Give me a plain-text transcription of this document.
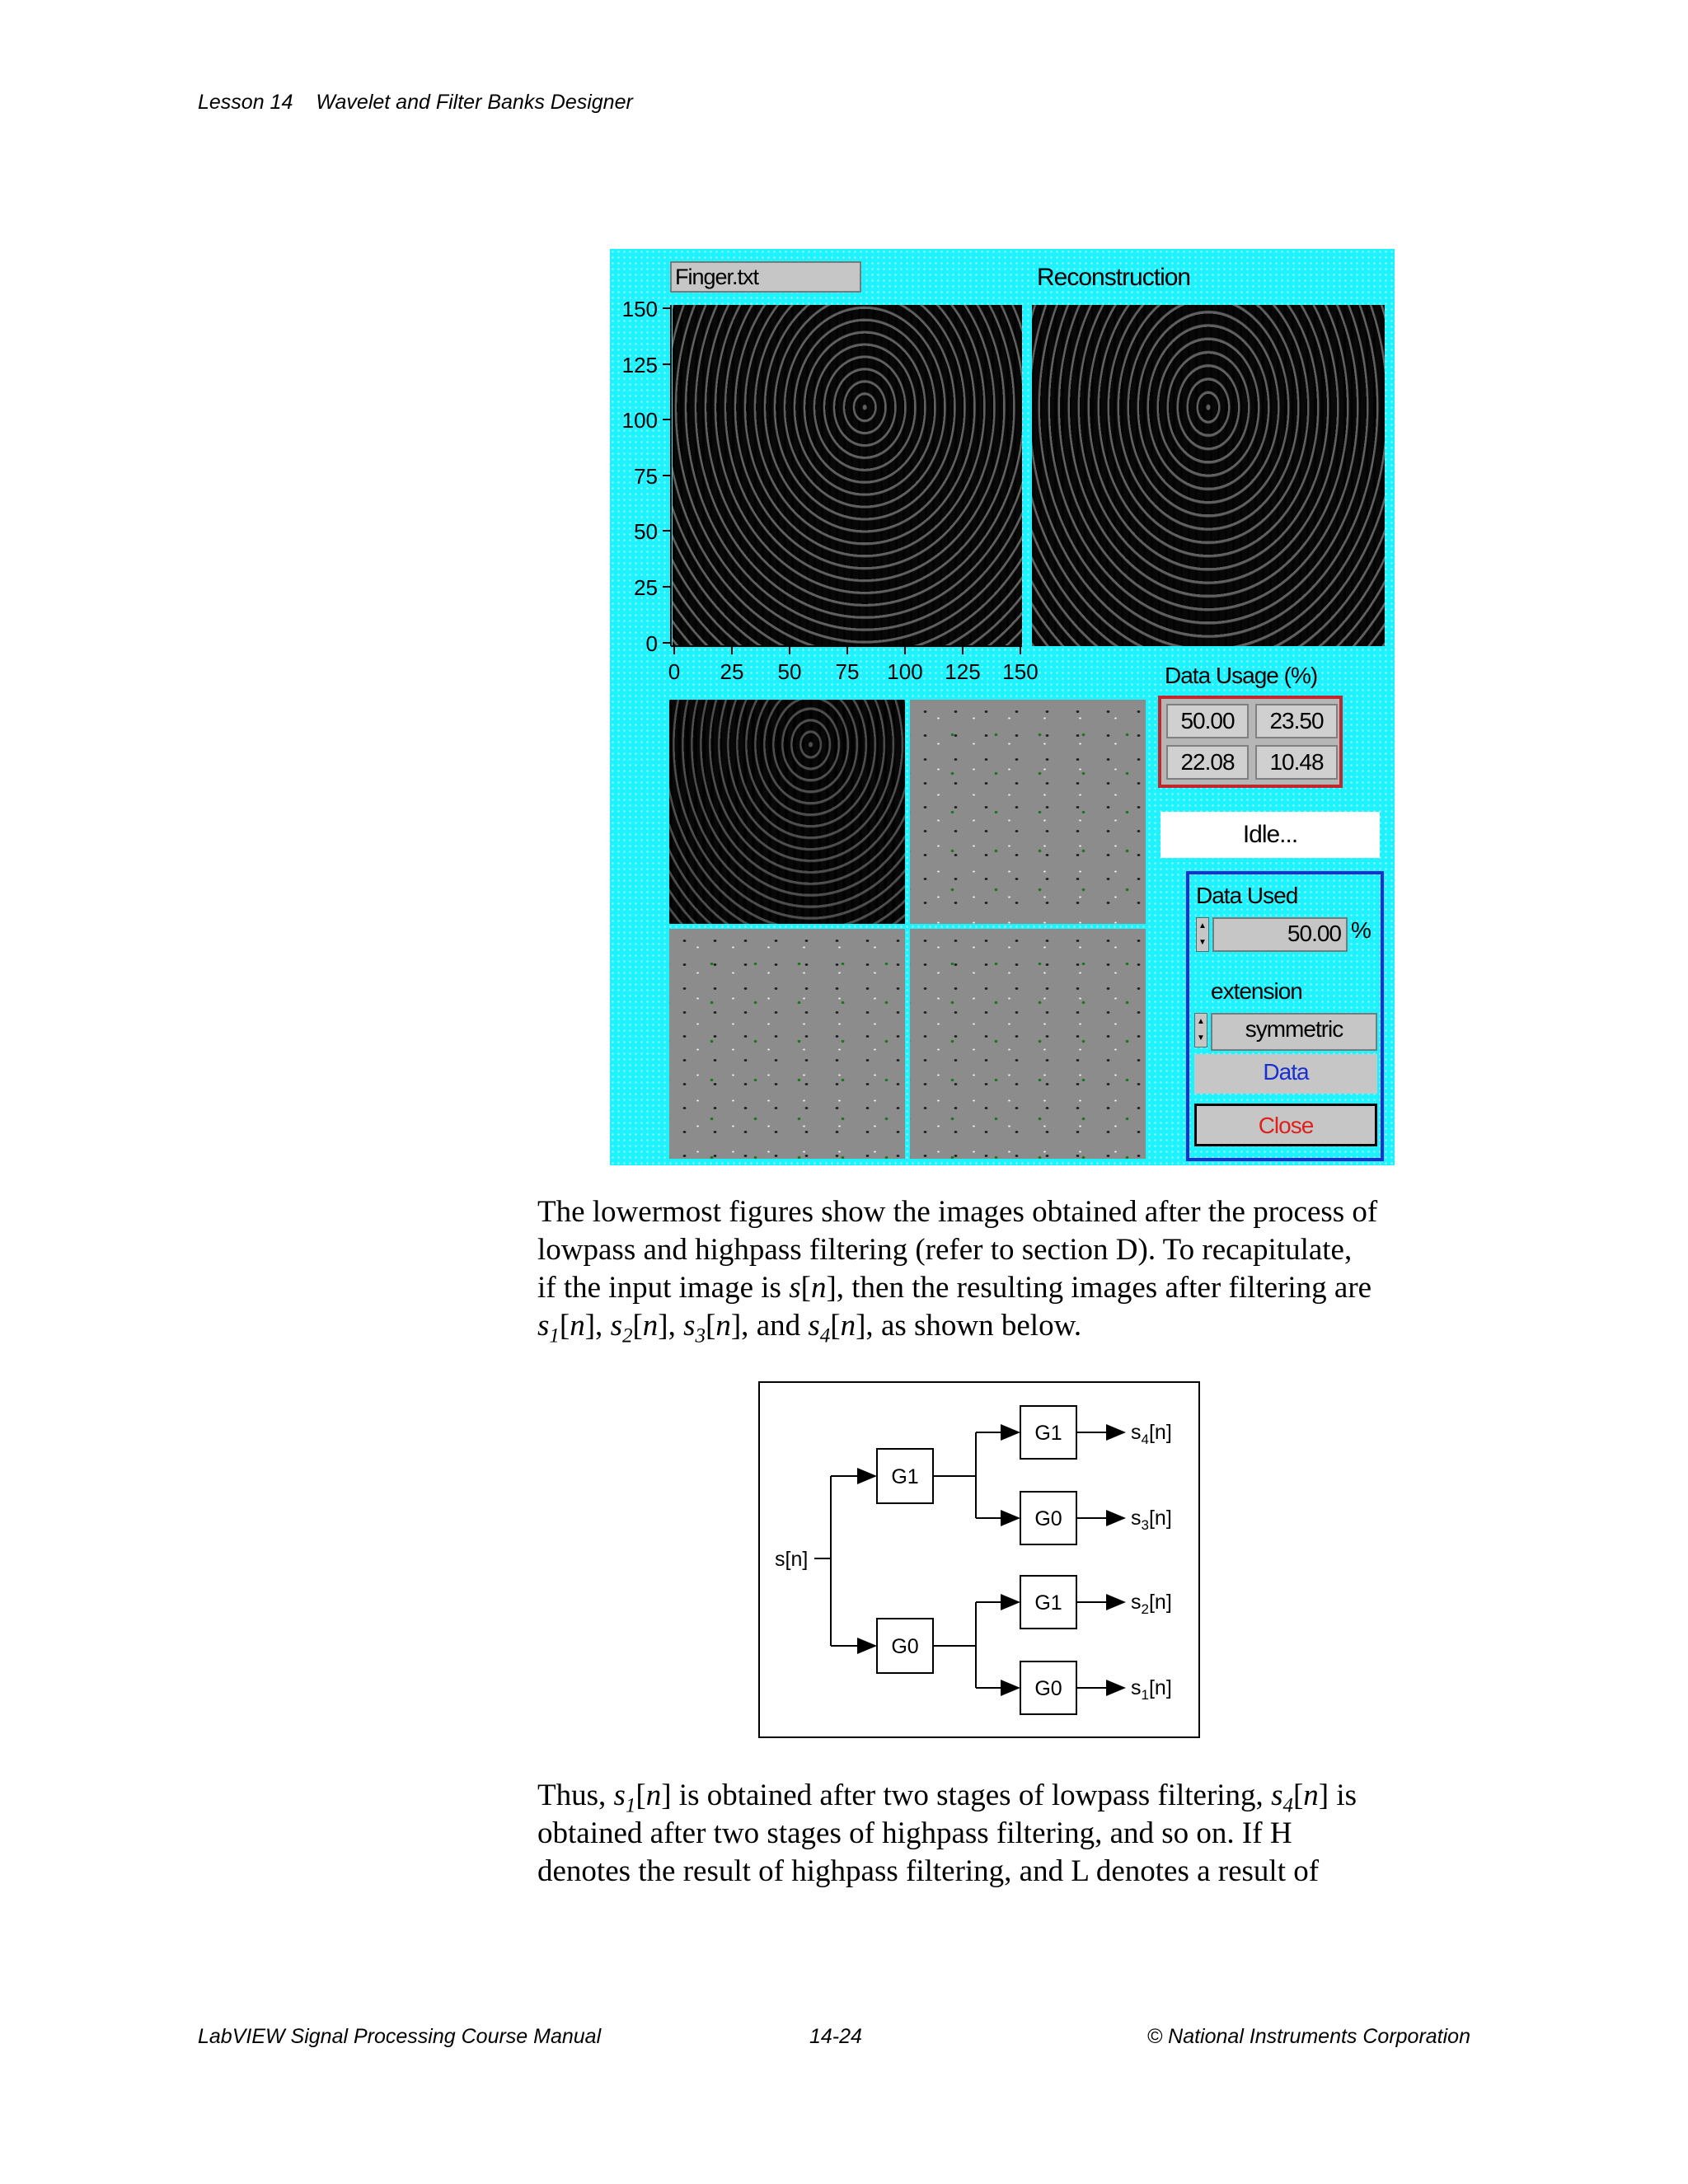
Lesson 14 Wavelet and Filter Banks Designer
Finger.txt	Reconstruction
150
125
100
75
50
25
0
0 25 50 75 100 125 150	Data Usage (%)
50.00	23.50
22.08	10.48
Idle...
Data Used
▲
▼	50.00 %
extension
▲
▼	symmetric
Data
Close
The lowermost figures show the images obtained after the process of
lowpass and highpass filtering (refer to section D). To recapitulate,
if the input image is s[n], then the resulting images after filtering are
$s_1[n]$, $s_2[n]$, $s_3[n]$, and $s_4[n]$, as shown below.
s[n]
G1
G0
G1
G0
G1
G0
$s_4[n]$
$s_3[n]$
$s_2[n]$
$s_1[n]$
Thus, $s_1[n]$ is obtained after two stages of lowpass filtering, $s_4[n]$ is
obtained after two stages of highpass filtering, and so on. If H
denotes the result of highpass filtering, and L denotes a result of
LabVIEW Signal Processing Course Manual	14-24	© National Instruments Corporation
